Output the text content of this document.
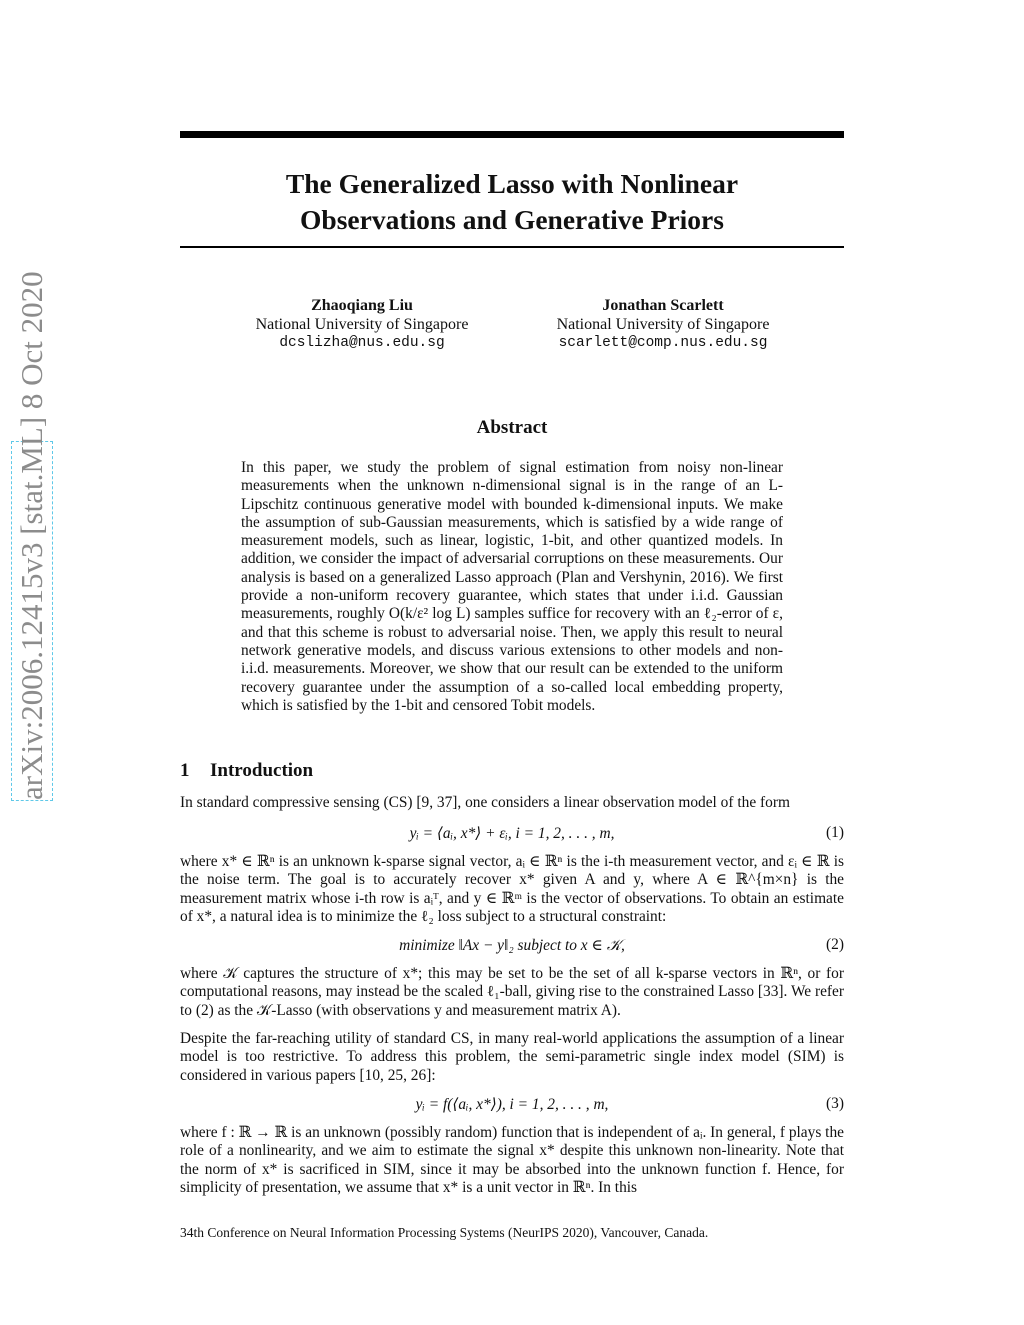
arXiv:2006.12415v3 [stat.ML] 8 Oct 2020
The Generalized Lasso with Nonlinear
Observations and Generative Priors
Zhaoqiang Liu
National University of Singapore
dcslizha@nus.edu.sg
Jonathan Scarlett
National University of Singapore
scarlett@comp.nus.edu.sg
Abstract

In this paper, we study the problem of signal estimation from noisy non-linear measurements when the unknown n-dimensional signal is in the range of an L-Lipschitz continuous generative model with bounded k-dimensional inputs. We make the assumption of sub-Gaussian measurements, which is satisfied by a wide range of measurement models, such as linear, logistic, 1-bit, and other quantized models. In addition, we consider the impact of adversarial corruptions on these measurements. Our analysis is based on a generalized Lasso approach (Plan and Vershynin, 2016). We first provide a non-uniform recovery guarantee, which states that under i.i.d. Gaussian measurements, roughly O(k/ε² log L) samples suffice for recovery with an ℓ₂-error of ε, and that this scheme is robust to adversarial noise. Then, we apply this result to neural network generative models, and discuss various extensions to other models and non-i.i.d. measurements. Moreover, we show that our result can be extended to the uniform recovery guarantee under the assumption of a so-called local embedding property, which is satisfied by the 1-bit and censored Tobit models.

1 Introduction

In standard compressive sensing (CS) [9, 37], one considers a linear observation model of the form

yᵢ = ⟨aᵢ, x*⟩ + εᵢ, i = 1, 2, . . . , m,	(1)

where x* ∈ ℝⁿ is an unknown k-sparse signal vector, aᵢ ∈ ℝⁿ is the i-th measurement vector, and εᵢ ∈ ℝ is the noise term. The goal is to accurately recover x* given A and y, where A ∈ ℝ^{m×n} is the measurement matrix whose i-th row is aᵢᵀ, and y ∈ ℝᵐ is the vector of observations. To obtain an estimate of x*, a natural idea is to minimize the ℓ₂ loss subject to a structural constraint:

minimize ‖Ax − y‖₂ subject to x ∈ 𝒦,	(2)

where 𝒦 captures the structure of x*; this may be set to be the set of all k-sparse vectors in ℝⁿ, or for computational reasons, may instead be the scaled ℓ₁-ball, giving rise to the constrained Lasso [33]. We refer to (2) as the 𝒦-Lasso (with observations y and measurement matrix A).

Despite the far-reaching utility of standard CS, in many real-world applications the assumption of a linear model is too restrictive. To address this problem, the semi-parametric single index model (SIM) is considered in various papers [10, 25, 26]:

yᵢ = f(⟨aᵢ, x*⟩), i = 1, 2, . . . , m,	(3)

where f : ℝ → ℝ is an unknown (possibly random) function that is independent of aᵢ. In general, f plays the role of a nonlinearity, and we aim to estimate the signal x* despite this unknown non-linearity. Note that the norm of x* is sacrificed in SIM, since it may be absorbed into the unknown function f. Hence, for simplicity of presentation, we assume that x* is a unit vector in ℝⁿ. In this

34th Conference on Neural Information Processing Systems (NeurIPS 2020), Vancouver, Canada.
